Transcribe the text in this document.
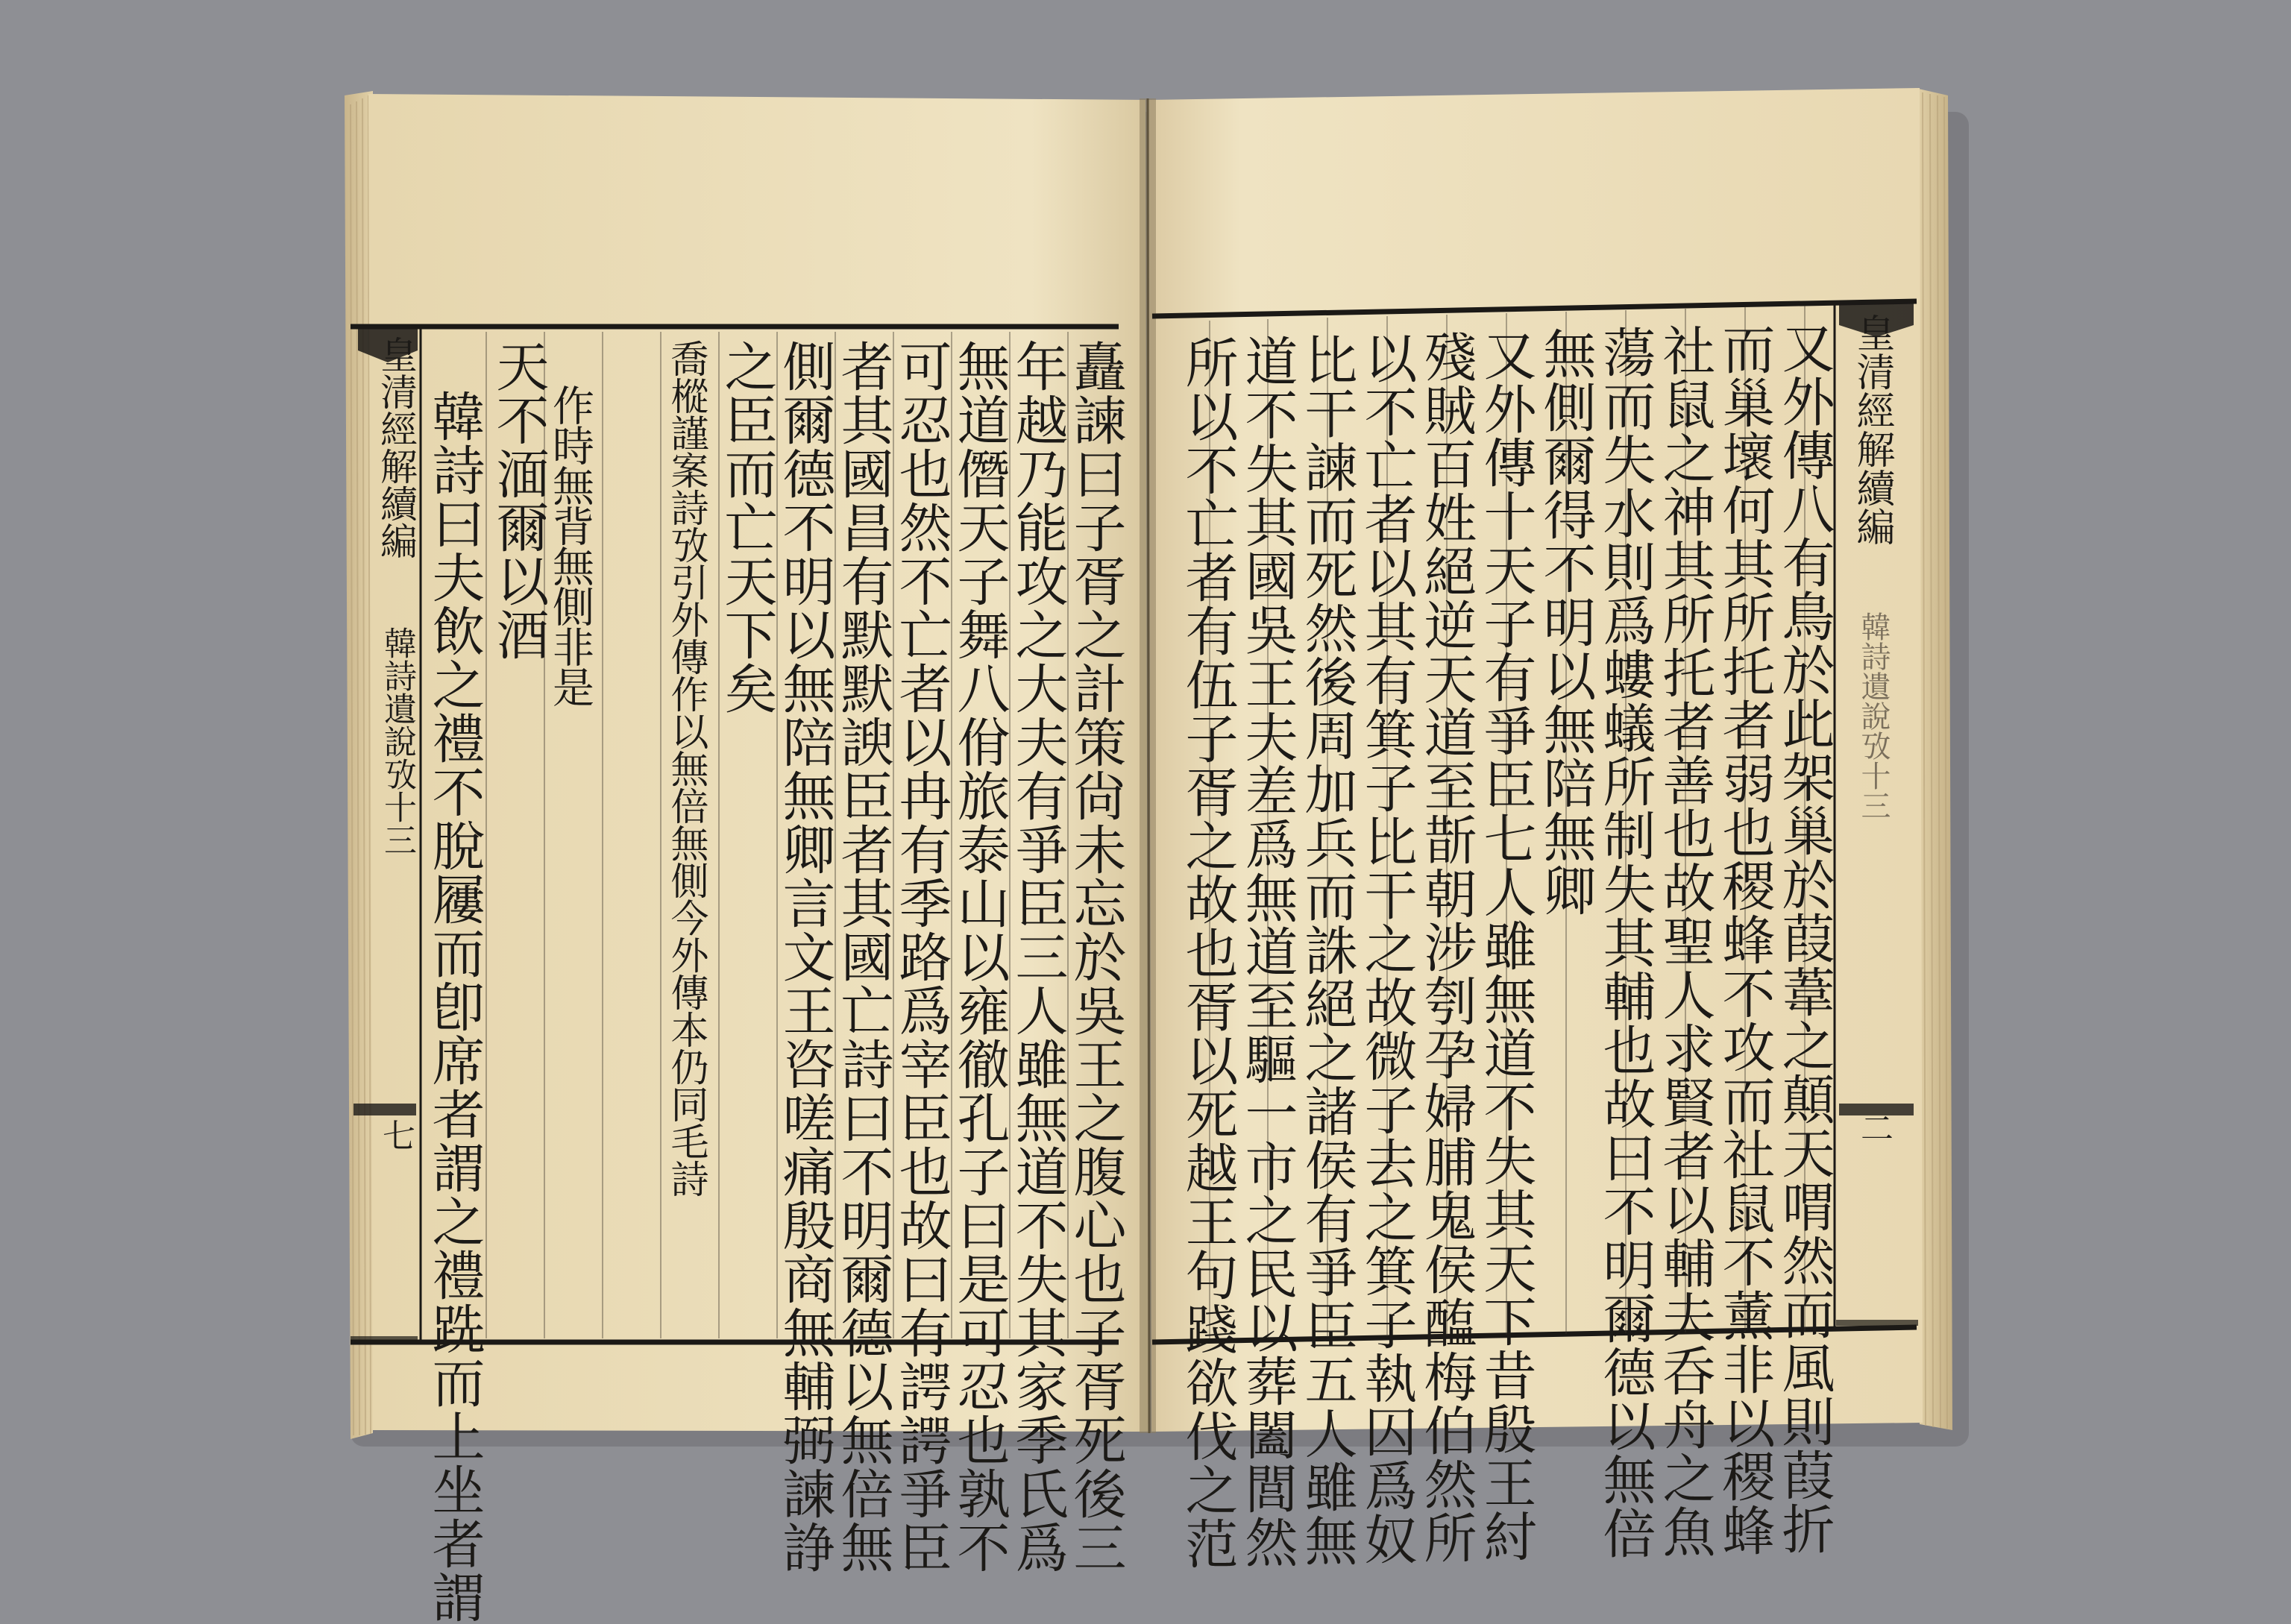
皇清經解續編
韓詩遺說攷十三
七	矗諫曰子胥之計策尙未忘於吳王之腹心也子胥死後三
年越乃能攻之大夫有爭臣三人雖無道不失其家季氏爲
無道僭天子舞八佾旅泰山以雍徹孔子曰是可忍也孰不
可忍也然不亡者以冉有季路爲宰臣也故曰有諤諤爭臣
者其國昌有默默諛臣者其國亡詩曰不明爾德以無倍無
側爾德不明以無陪無卿言文王咨嗟痛殷商無輔弼諫諍
之臣而亡天下矣
喬樅謹案詩攷引外傳作以無倍無側今外傳本仍同毛詩
作時無背無側非是
天不湎爾以酒
韓詩曰夫飲之禮不脫屨而卽席者謂之禮跣而上坐者謂	皇清經解續編
韓詩遺說攷十三
二
又外傳八有鳥於此架巢於葭葦之顛天喟然而風則葭折
而巢壞何其所托者弱也稷蜂不攻而社鼠不薰非以稷蜂
社鼠之神其所托者善也故聖人求賢者以輔夫呑舟之魚
蕩而失水則爲螻蟻所制失其輔也故曰不明爾德以無倍
無側爾得不明以無陪無卿
又外傳十天子有爭臣七人雖無道不失其天下昔殷王紂
殘賊百姓絕逆天道至斮朝涉刳孕婦脯鬼侯醢梅伯然所
以不亡者以其有箕子比干之故微子去之箕子執囚爲奴
比干諫而死然後周加兵而誅絕之諸侯有爭臣五人雖無
道不失其國吳王夫差爲無道至驅一市之民以葬闔閭然
所以不亡者有伍子胥之故也胥以死越王句踐欲伐之范
